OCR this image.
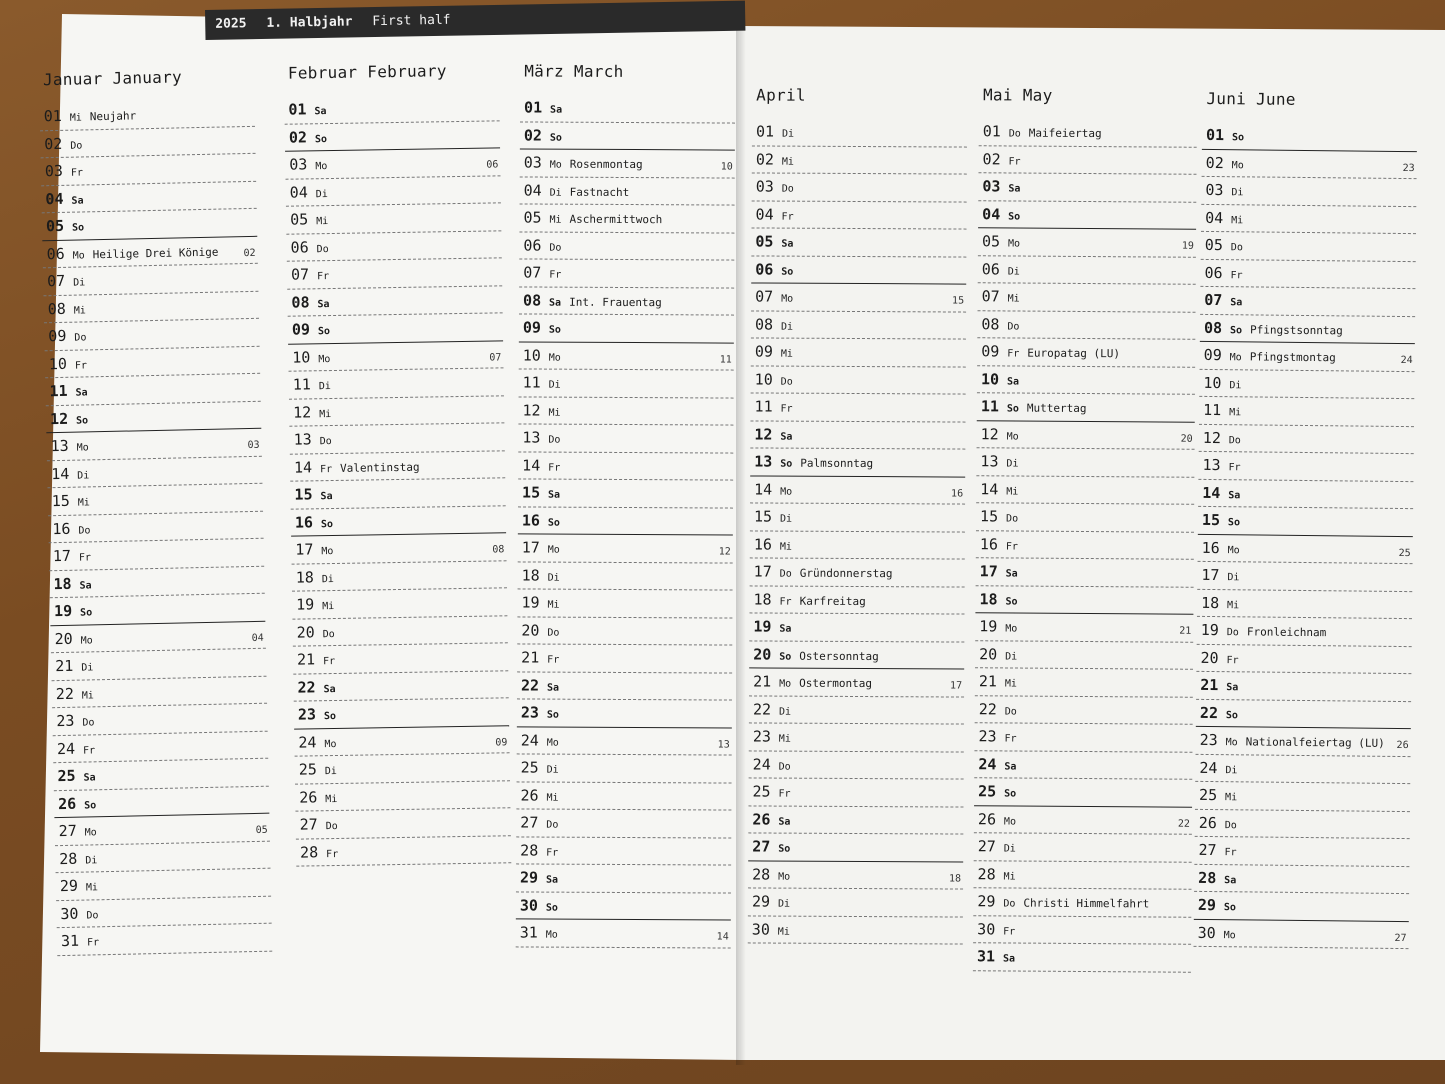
2025 1. Halbjahr First half
Januar January
01 Mi Neujahr
02 Do
03 Fr
04 Sa
05 So
06 Mo Heilige Drei Könige 02
07 Di
08 Mi
09 Do
10 Fr
11 Sa
12 So
13 Mo	03
14 Di
15 Mi
16 Do
17 Fr
18 Sa
19 So
20 Mo	04
21 Di
22 Mi
23 Do
24 Fr
25 Sa
26 So
27 Mo	05
28 Di
29 Mi
30 Do
31 Fr
Februar February
01 Sa
02 So
03 Mo	06
04 Di
05 Mi
06 Do
07 Fr
08 Sa
09 So
10 Mo	07
11 Di
12 Mi
13 Do
14 Fr Valentinstag
15 Sa
16 So
17 Mo	08
18 Di
19 Mi
20 Do
21 Fr
22 Sa
23 So
24 Mo	09
25 Di
26 Mi
27 Do
28 Fr
März March
01 Sa
02 So
03 Mo Rosenmontag	10
04 Di Fastnacht
05 Mi Aschermittwoch
06 Do
07 Fr
08 Sa Int. Frauentag
09 So
10 Mo	11
11 Di
12 Mi
13 Do
14 Fr
15 Sa
16 So
17 Mo	12
18 Di
19 Mi
20 Do
21 Fr
22 Sa
23 So
24 Mo	13
25 Di
26 Mi
27 Do
28 Fr
29 Sa
30 So
31 Mo	14
April
01 Di
02 Mi
03 Do
04 Fr
05 Sa
06 So
07 Mo	15
08 Di
09 Mi
10 Do
11 Fr
12 Sa
13 So Palmsonntag
14 Mo	16
15 Di
16 Mi
17 Do Gründonnerstag
18 Fr Karfreitag
19 Sa
20 So Ostersonntag
21 Mo Ostermontag	17
22 Di
23 Mi
24 Do
25 Fr
26 Sa
27 So
28 Mo	18
29 Di
30 Mi
Mai May
01 Do Maifeiertag
02 Fr
03 Sa
04 So
05 Mo	19
06 Di
07 Mi
08 Do
09 Fr Europatag (LU)
10 Sa
11 So Muttertag
12 Mo	20
13 Di
14 Mi
15 Do
16 Fr
17 Sa
18 So
19 Mo	21
20 Di
21 Mi
22 Do
23 Fr
24 Sa
25 So
26 Mo	22
27 Di
28 Mi
29 Do Christi Himmelfahrt
30 Fr
31 Sa
Juni June
01 So
02 Mo	23
03 Di
04 Mi
05 Do
06 Fr
07 Sa
08 So Pfingstsonntag
09 Mo Pfingstmontag	24
10 Di
11 Mi
12 Do
13 Fr
14 Sa
15 So
16 Mo	25
17 Di
18 Mi
19 Do Fronleichnam
20 Fr
21 Sa
22 So
23 Mo Nationalfeiertag (LU) 26
24 Di
25 Mi
26 Do
27 Fr
28 Sa
29 So
30 Mo	27
